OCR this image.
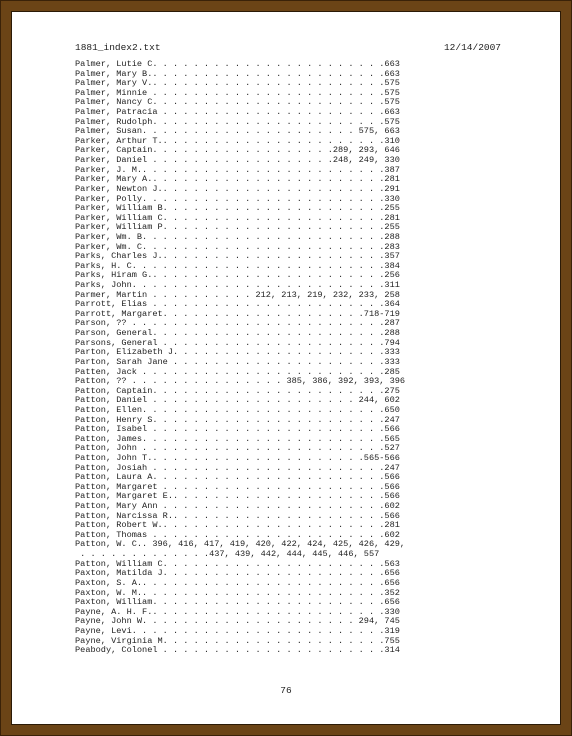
1881_index2.txt	12/14/2007
Palmer, Lutie C. . . . . . . . . . . . . . . . . . . . . . .663
Palmer, Mary B.. . . . . . . . . . . . . . . . . . . . . . .663
Palmer, Mary V.. . . . . . . . . . . . . . . . . . . . . . .575
Palmer, Minnie . . . . . . . . . . . . . . . . . . . . . . .575
Palmer, Nancy C. . . . . . . . . . . . . . . . . . . . . . .575
Palmer, Patracia . . . . . . . . . . . . . . . . . . . . . .663
Palmer, Rudolph. . . . . . . . . . . . . . . . . . . . . . .575
Palmer, Susan. . . . . . . . . . . . . . . . . . . . . 575, 663
Parker, Arthur T.. . . . . . . . . . . . . . . . . . . . . .310
Parker, Captain. . . . . . . . . . . . . . . . . .289, 293, 646
Parker, Daniel . . . . . . . . . . . . . . . . . .248, 249, 330
Parker, J. M.. . . . . . . . . . . . . . . . . . . . . . . .387
Parker, Mary A.. . . . . . . . . . . . . . . . . . . . . . .281
Parker, Newton J.. . . . . . . . . . . . . . . . . . . . . .291
Parker, Polly. . . . . . . . . . . . . . . . . . . . . . . .330
Parker, William B. . . . . . . . . . . . . . . . . . . . . .255
Parker, William C. . . . . . . . . . . . . . . . . . . . . .281
Parker, William P. . . . . . . . . . . . . . . . . . . . . .255
Parker, Wm. B. . . . . . . . . . . . . . . . . . . . . . . .288
Parker, Wm. C. . . . . . . . . . . . . . . . . . . . . . . .283
Parks, Charles J.. . . . . . . . . . . . . . . . . . . . . .357
Parks, H. C. . . . . . . . . . . . . . . . . . . . . . . . .384
Parks, Hiram G.. . . . . . . . . . . . . . . . . . . . . . .256
Parks, John. . . . . . . . . . . . . . . . . . . . . . . . .311
Parmer, Martin . . . . . . . . . . 212, 213, 219, 232, 233, 258
Parrott, Elias . . . . . . . . . . . . . . . . . . . . . . .364
Parrott, Margaret. . . . . . . . . . . . . . . . . . . .718-719
Parson, ?? . . . . . . . . . . . . . . . . . . . . . . . . .287
Parson, General. . . . . . . . . . . . . . . . . . . . . . .288
Parsons, General . . . . . . . . . . . . . . . . . . . . . .794
Parton, Elizabeth J. . . . . . . . . . . . . . . . . . . . .333
Parton, Sarah Jane . . . . . . . . . . . . . . . . . . . . .333
Patten, Jack . . . . . . . . . . . . . . . . . . . . . . . .285
Patton, ?? . . . . . . . . . . . . . . . 385, 386, 392, 393, 396
Patton, Captain. . . . . . . . . . . . . . . . . . . . . . .275
Patton, Daniel . . . . . . . . . . . . . . . . . . . . 244, 602
Patton, Ellen. . . . . . . . . . . . . . . . . . . . . . . .650
Patton, Henry S. . . . . . . . . . . . . . . . . . . . . . .247
Patton, Isabel . . . . . . . . . . . . . . . . . . . . . . .566
Patton, James. . . . . . . . . . . . . . . . . . . . . . . .565
Patton, John . . . . . . . . . . . . . . . . . . . . . . . .527
Patton, John T.. . . . . . . . . . . . . . . . . . . . .565-566
Patton, Josiah . . . . . . . . . . . . . . . . . . . . . . .247
Patton, Laura A. . . . . . . . . . . . . . . . . . . . . . .566
Patton, Margaret . . . . . . . . . . . . . . . . . . . . . .566
Patton, Margaret E.. . . . . . . . . . . . . . . . . . . . .566
Patton, Mary Ann . . . . . . . . . . . . . . . . . . . . . .602
Patton, Narcissa R.. . . . . . . . . . . . . . . . . . . . .566
Patton, Robert W.. . . . . . . . . . . . . . . . . . . . . .281
Patton, Thomas . . . . . . . . . . . . . . . . . . . . . . .602
Patton, W. C.. 396, 416, 417, 419, 420, 422, 424, 425, 426, 429,
. . . . . . . . . . . . .437, 439, 442, 444, 445, 446, 557
Patton, William C. . . . . . . . . . . . . . . . . . . . . .563
Paxton, Matilda J. . . . . . . . . . . . . . . . . . . . . .656
Paxton, S. A.. . . . . . . . . . . . . . . . . . . . . . . .656
Paxton, W. M.. . . . . . . . . . . . . . . . . . . . . . . .352
Paxton, William. . . . . . . . . . . . . . . . . . . . . . .656
Payne, A. H. F.. . . . . . . . . . . . . . . . . . . . . . .330
Payne, John W. . . . . . . . . . . . . . . . . . . . . 294, 745
Payne, Levi. . . . . . . . . . . . . . . . . . . . . . . . .319
Payne, Virginia M. . . . . . . . . . . . . . . . . . . . . .755
Peabody, Colonel . . . . . . . . . . . . . . . . . . . . . .314
76
